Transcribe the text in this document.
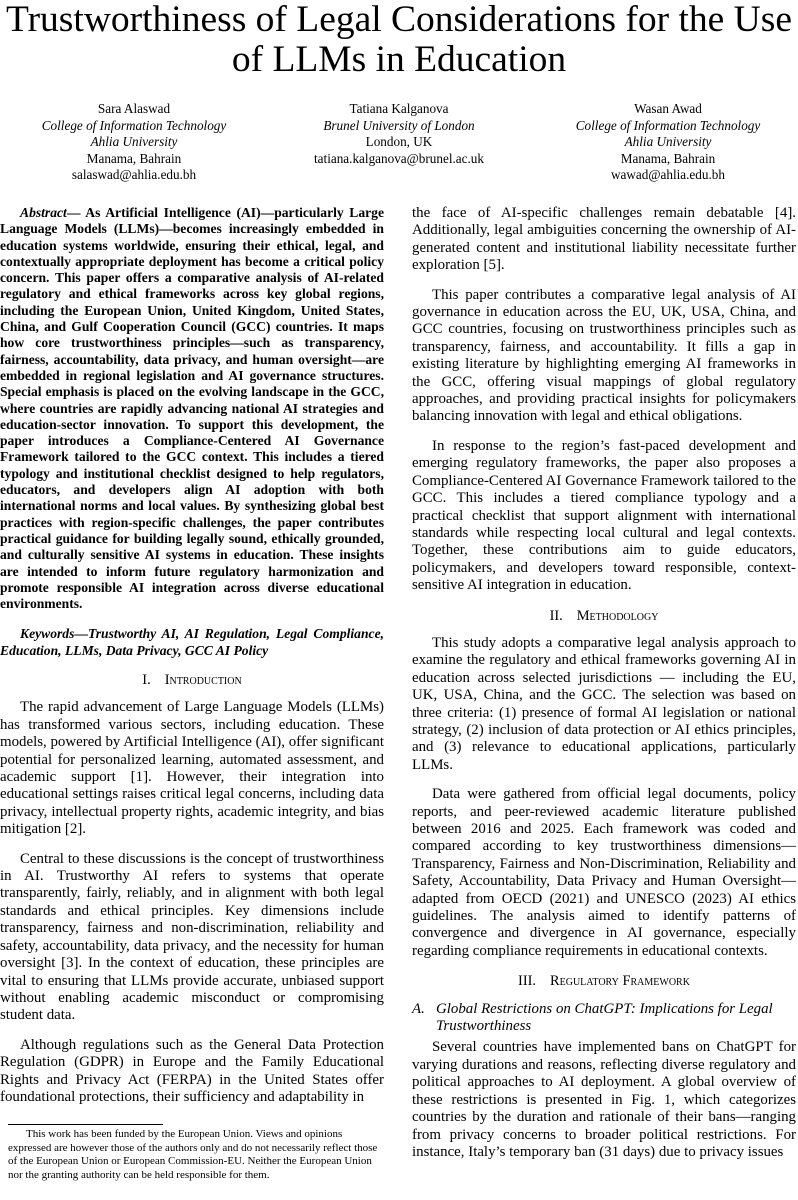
Trustworthiness of Legal Considerations for the Use of LLMs in Education
Sara Alaswad
College of Information Technology
Ahlia University
Manama, Bahrain
salaswad@ahlia.edu.bh
Tatiana Kalganova
Brunel University of London
London, UK
tatiana.kalganova@brunel.ac.uk
Wasan Awad
College of Information Technology
Ahlia University
Manama, Bahrain
wawad@ahlia.edu.bh

Abstract— As Artificial Intelligence (AI)—particularly Large Language Models (LLMs)—becomes increasingly embedded in education systems worldwide, ensuring their ethical, legal, and contextually appropriate deployment has become a critical policy concern. This paper offers a comparative analysis of AI-related regulatory and ethical frameworks across key global regions, including the European Union, United Kingdom, United States, China, and Gulf Cooperation Council (GCC) countries. It maps how core trustworthiness principles—such as transparency, fairness, accountability, data privacy, and human oversight—are embedded in regional legislation and AI governance structures. Special emphasis is placed on the evolving landscape in the GCC, where countries are rapidly advancing national AI strategies and education-sector innovation. To support this development, the paper introduces a Compliance-Centered AI Governance Framework tailored to the GCC context. This includes a tiered typology and institutional checklist designed to help regulators, educators, and developers align AI adoption with both international norms and local values. By synthesizing global best practices with region-specific challenges, the paper contributes practical guidance for building legally sound, ethically grounded, and culturally sensitive AI systems in education. These insights are intended to inform future regulatory harmonization and promote responsible AI integration across diverse educational environments.

Keywords—Trustworthy AI, AI Regulation, Legal Compliance, Education, LLMs, Data Privacy, GCC AI Policy

I. Introduction

The rapid advancement of Large Language Models (LLMs) has transformed various sectors, including education. These models, powered by Artificial Intelligence (AI), offer significant potential for personalized learning, automated assessment, and academic support [1]. However, their integration into educational settings raises critical legal concerns, including data privacy, intellectual property rights, academic integrity, and bias mitigation [2].

Central to these discussions is the concept of trustworthiness in AI. Trustworthy AI refers to systems that operate transparently, fairly, reliably, and in alignment with both legal standards and ethical principles. Key dimensions include transparency, fairness and non-discrimination, reliability and safety, accountability, data privacy, and the necessity for human oversight [3]. In the context of education, these principles are vital to ensuring that LLMs provide accurate, unbiased support without enabling academic misconduct or compromising student data.

Although regulations such as the General Data Protection Regulation (GDPR) in Europe and the Family Educational Rights and Privacy Act (FERPA) in the United States offer foundational protections, their sufficiency and adaptability in

the face of AI-specific challenges remain debatable [4]. Additionally, legal ambiguities concerning the ownership of AI-generated content and institutional liability necessitate further exploration [5].

This paper contributes a comparative legal analysis of AI governance in education across the EU, UK, USA, China, and GCC countries, focusing on trustworthiness principles such as transparency, fairness, and accountability. It fills a gap in existing literature by highlighting emerging AI frameworks in the GCC, offering visual mappings of global regulatory approaches, and providing practical insights for policymakers balancing innovation with legal and ethical obligations.

In response to the region’s fast-paced development and emerging regulatory frameworks, the paper also proposes a Compliance-Centered AI Governance Framework tailored to the GCC. This includes a tiered compliance typology and a practical checklist that support alignment with international standards while respecting local cultural and legal contexts. Together, these contributions aim to guide educators, policymakers, and developers toward responsible, context-sensitive AI integration in education.

II. Methodology

This study adopts a comparative legal analysis approach to examine the regulatory and ethical frameworks governing AI in education across selected jurisdictions — including the EU, UK, USA, China, and the GCC. The selection was based on three criteria: (1) presence of formal AI legislation or national strategy, (2) inclusion of data protection or AI ethics principles, and (3) relevance to educational applications, particularly LLMs.

Data were gathered from official legal documents, policy reports, and peer-reviewed academic literature published between 2016 and 2025. Each framework was coded and compared according to key trustworthiness dimensions—Transparency, Fairness and Non-Discrimination, Reliability and Safety, Accountability, Data Privacy and Human Oversight—adapted from OECD (2021) and UNESCO (2023) AI ethics guidelines. The analysis aimed to identify patterns of convergence and divergence in AI governance, especially regarding compliance requirements in educational contexts.

III. Regulatory Framework
A. Global Restrictions on ChatGPT: Implications for Legal
Trustworthiness

Several countries have implemented bans on ChatGPT for varying durations and reasons, reflecting diverse regulatory and political approaches to AI deployment. A global overview of these restrictions is presented in Fig. 1, which categorizes countries by the duration and rationale of their bans—ranging from privacy concerns to broader political restrictions. For instance, Italy’s temporary ban (31 days) due to privacy issues

This work has been funded by the European Union. Views and opinions expressed are however those of the authors only and do not necessarily reflect those of the European Union or European Commission-EU. Neither the European Union nor the granting authority can be held responsible for them.
